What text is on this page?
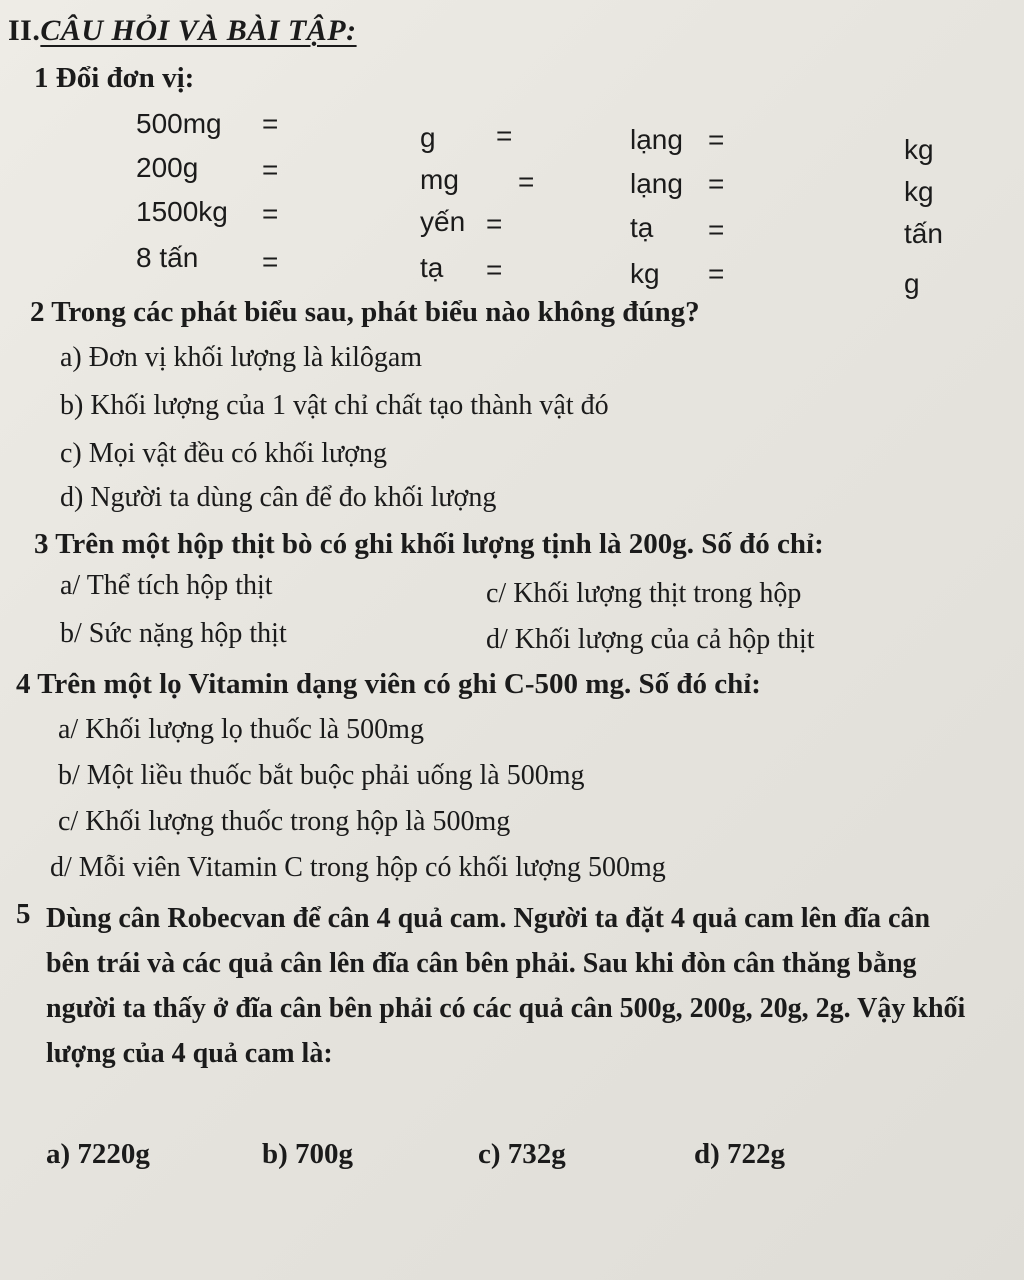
II.CÂU HỎI VÀ BÀI TẬP:
1 Đổi đơn vị:
500mg =	g =	lạng =	kg
200g =	mg =	lạng =	kg
1500kg =	yến =	tạ =	tấn
8 tấn =	tạ =	kg =	g
2 Trong các phát biểu sau, phát biểu nào không đúng?
a) Đơn vị khối lượng là kilôgam
b) Khối lượng của 1 vật chỉ chất tạo thành vật đó
c) Mọi vật đều có khối lượng
d) Người ta dùng cân để đo khối lượng
3 Trên một hộp thịt bò có ghi khối lượng tịnh là 200g. Số đó chỉ:
a/ Thể tích hộp thịt	c/ Khối lượng thịt trong hộp
b/ Sức nặng hộp thịt	d/ Khối lượng của cả hộp thịt
4 Trên một lọ Vitamin dạng viên có ghi C-500 mg. Số đó chỉ:
a/ Khối lượng lọ thuốc là 500mg
b/ Một liều thuốc bắt buộc phải uống là 500mg
c/ Khối lượng thuốc trong hộp là 500mg
d/ Mỗi viên Vitamin C trong hộp có khối lượng 500mg
5 Dùng cân Robecvan để cân 4 quả cam. Người ta đặt 4 quả cam lên đĩa cân bên trái và các quả cân lên đĩa cân bên phải. Sau khi đòn cân thăng bằng người ta thấy ở đĩa cân bên phải có các quả cân 500g, 200g, 20g, 2g. Vậy khối lượng của 4 quả cam là:
a) 7220g	b) 700g	c) 732g	d) 722g
